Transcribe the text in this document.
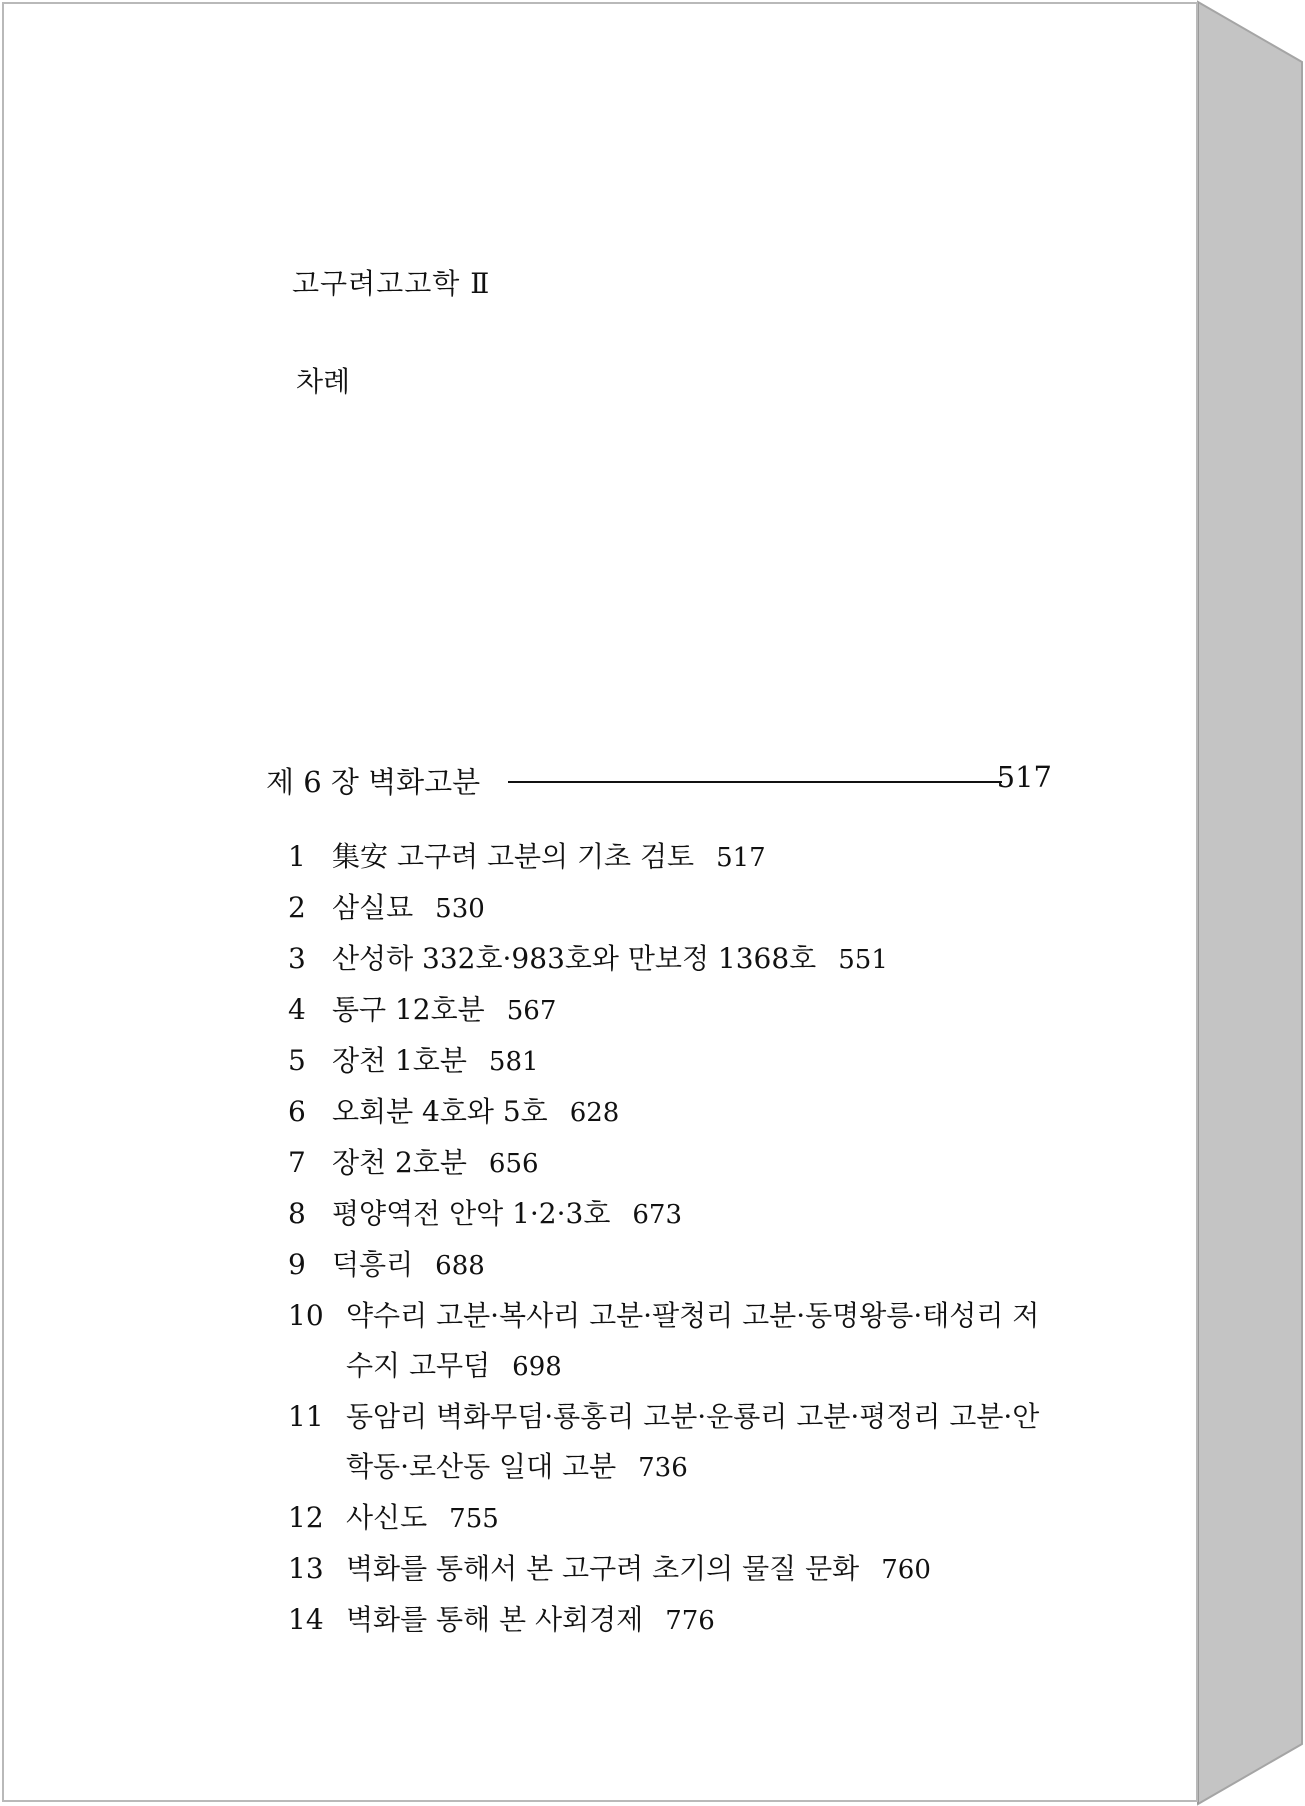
고구려고고학 Ⅱ
차례
제 6 장 벽화고분	517
1 集安 고구려 고분의 기초 검토 517
2 삼실묘 530
3 산성하 332호·983호와 만보정 1368호 551
4 통구 12호분 567
5 장천 1호분 581
6 오회분 4호와 5호 628
7 장천 2호분 656
8 평양역전 안악 1·2·3호 673
9 덕흥리 688
10 약수리 고분·복사리 고분·팔청리 고분·동명왕릉·태성리 저수지 고무덤 698
11 동암리 벽화무덤·룡홍리 고분·운룡리 고분·평정리 고분·안학동·로산동 일대 고분 736
12 사신도 755
13 벽화를 통해서 본 고구려 초기의 물질 문화 760
14 벽화를 통해 본 사회경제 776
